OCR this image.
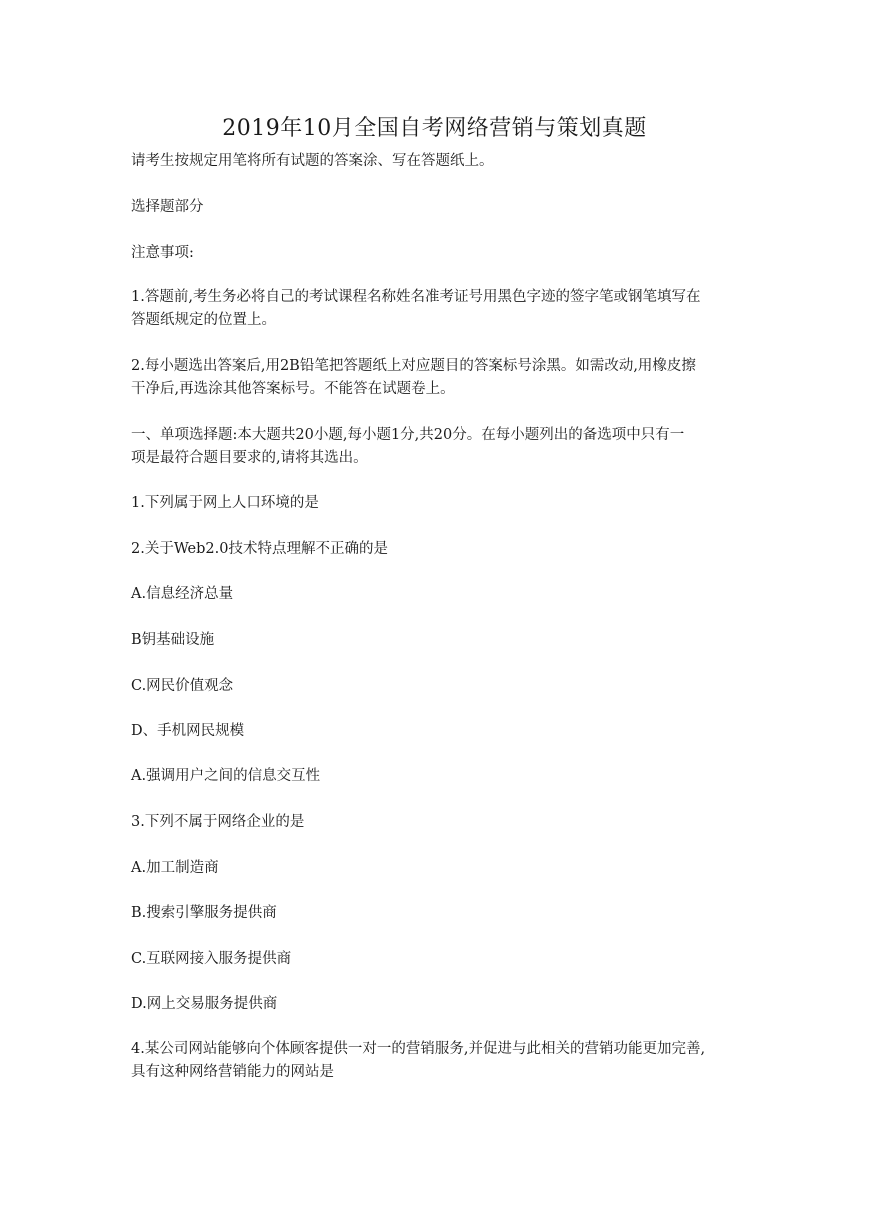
2019年10月全国自考网络营销与策划真题
请考生按规定用笔将所有试题的答案涂、写在答题纸上。
选择题部分
注意事项:
1.答题前,考生务必将自己的考试课程名称姓名准考证号用黑色字迹的签字笔或钢笔填写在
答题纸规定的位置上。
2.每小题选出答案后,用2B铅笔把答题纸上对应题目的答案标号涂黑。如需改动,用橡皮擦
干净后,再选涂其他答案标号。不能答在试题卷上。
一、单项选择题:本大题共20小题,每小题1分,共20分。在每小题列出的备选项中只有一
项是最符合题目要求的,请将其选出。
1.下列属于网上人口环境的是
2.关于Web2.0技术特点理解不正确的是
A.信息经济总量
B钥基础设施
C.网民价值观念
D、手机网民规模
A.强调用户之间的信息交互性
3.下列不属于网络企业的是
A.加工制造商
B.搜索引擎服务提供商
C.互联网接入服务提供商
D.网上交易服务提供商
4.某公司网站能够向个体顾客提供一对一的营销服务,并促进与此相关的营销功能更加完善,
具有这种网络营销能力的网站是
